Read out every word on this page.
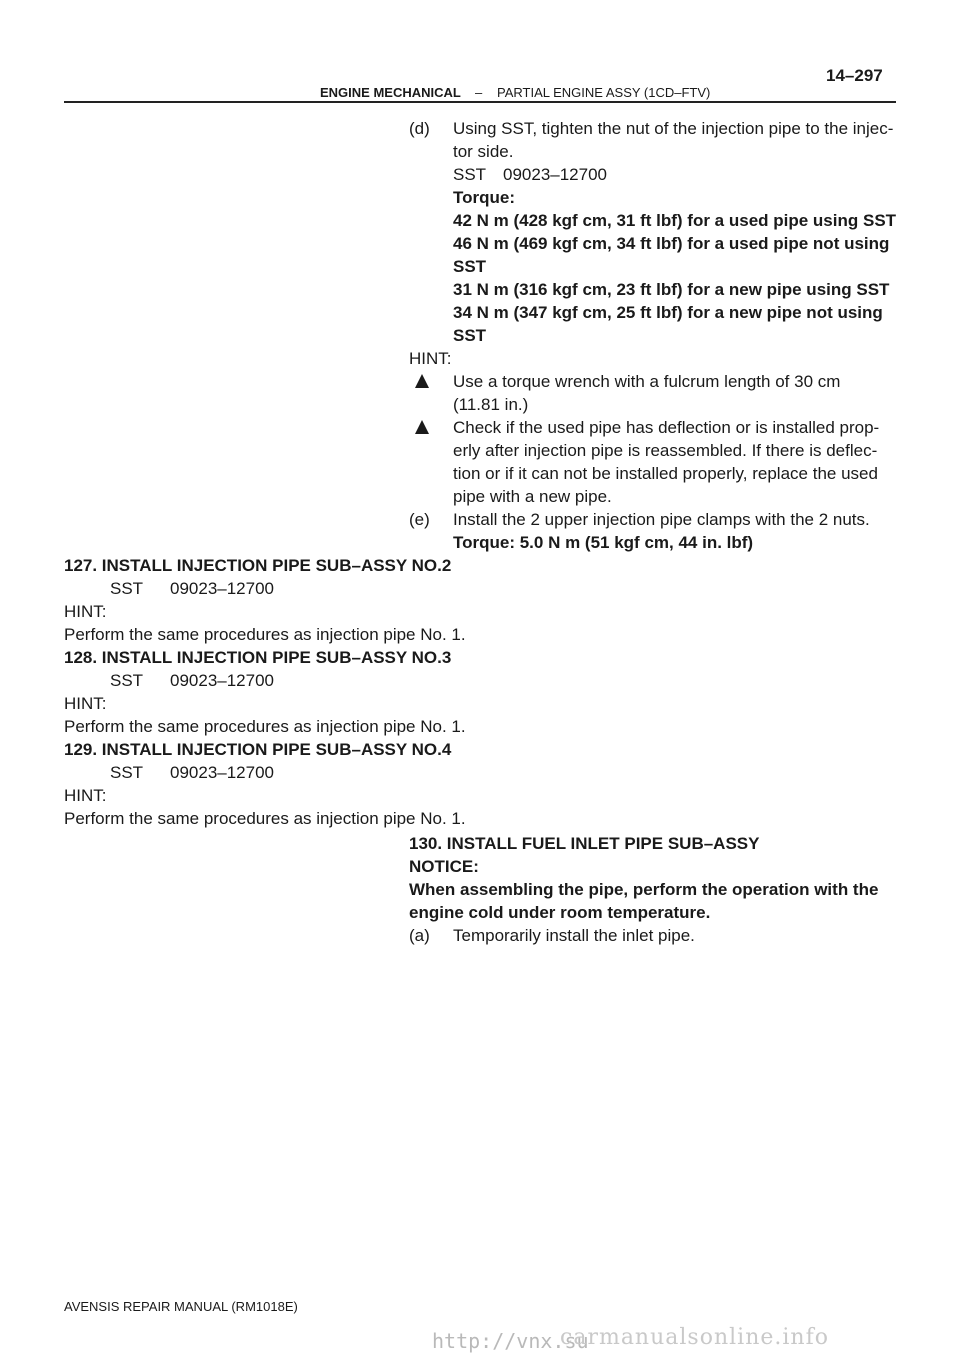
ENGINE MECHANICAL – PARTIAL ENGINE ASSY (1CD–FTV)
14–297
(d) Using SST, tighten the nut of the injection pipe to the injec-
tor side.
SST 09023–12700
Torque:
42 N m (428 kgf cm, 31 ft lbf) for a used pipe using SST
46 N m (469 kgf cm, 34 ft lbf) for a used pipe not using
SST
31 N m (316 kgf cm, 23 ft lbf) for a new pipe using SST
34 N m (347 kgf cm, 25 ft lbf) for a new pipe not using
SST
HINT:
Use a torque wrench with a fulcrum length of 30 cm
(11.81 in.)
Check if the used pipe has deflection or is installed prop-
erly after injection pipe is reassembled. If there is deflec-
tion or if it can not be installed properly, replace the used
pipe with a new pipe.
(e) Install the 2 upper injection pipe clamps with the 2 nuts.
Torque: 5.0 N m (51 kgf cm, 44 in. lbf)
127. INSTALL INJECTION PIPE SUB–ASSY NO.2
SST 09023–12700
HINT:
Perform the same procedures as injection pipe No. 1.
128. INSTALL INJECTION PIPE SUB–ASSY NO.3
SST 09023–12700
HINT:
Perform the same procedures as injection pipe No. 1.
129. INSTALL INJECTION PIPE SUB–ASSY NO.4
SST 09023–12700
HINT:
Perform the same procedures as injection pipe No. 1.
130. INSTALL FUEL INLET PIPE SUB–ASSY
NOTICE:
When assembling the pipe, perform the operation with the
engine cold under room temperature.
(a) Temporarily install the inlet pipe.
AVENSIS REPAIR MANUAL (RM1018E)
http://vnx.su
carmanualsonline.info
